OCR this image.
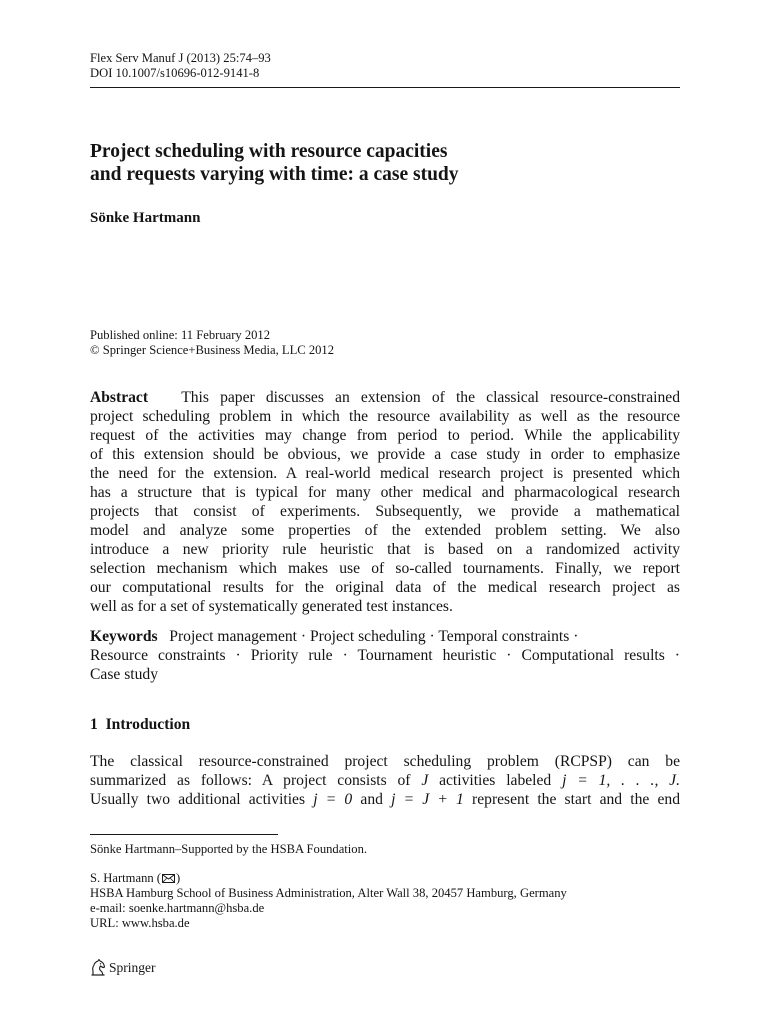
Flex Serv Manuf J (2013) 25:74–93
DOI 10.1007/s10696-012-9141-8
Project scheduling with resource capacities
and requests varying with time: a case study
Sönke Hartmann
Published online: 11 February 2012
© Springer Science+Business Media, LLC 2012
Abstract This paper discusses an extension of the classical resource-constrained
project scheduling problem in which the resource availability as well as the resource
request of the activities may change from period to period. While the applicability
of this extension should be obvious, we provide a case study in order to emphasize
the need for the extension. A real-world medical research project is presented which
has a structure that is typical for many other medical and pharmacological research
projects that consist of experiments. Subsequently, we provide a mathematical
model and analyze some properties of the extended problem setting. We also
introduce a new priority rule heuristic that is based on a randomized activity
selection mechanism which makes use of so-called tournaments. Finally, we report
our computational results for the original data of the medical research project as
well as for a set of systematically generated test instances.
Keywords Project management · Project scheduling · Temporal constraints ·
Resource constraints · Priority rule · Tournament heuristic · Computational results ·
Case study
1 Introduction
The classical resource-constrained project scheduling problem (RCPSP) can be
summarized as follows: A project consists of J activities labeled j = 1, . . ., J.
Usually two additional activities j = 0 and j = J + 1 represent the start and the end
Sönke Hartmann–Supported by the HSBA Foundation.
S. Hartmann ( )
HSBA Hamburg School of Business Administration, Alter Wall 38, 20457 Hamburg, Germany
e-mail: soenke.hartmann@hsba.de
URL: www.hsba.de
Springer
